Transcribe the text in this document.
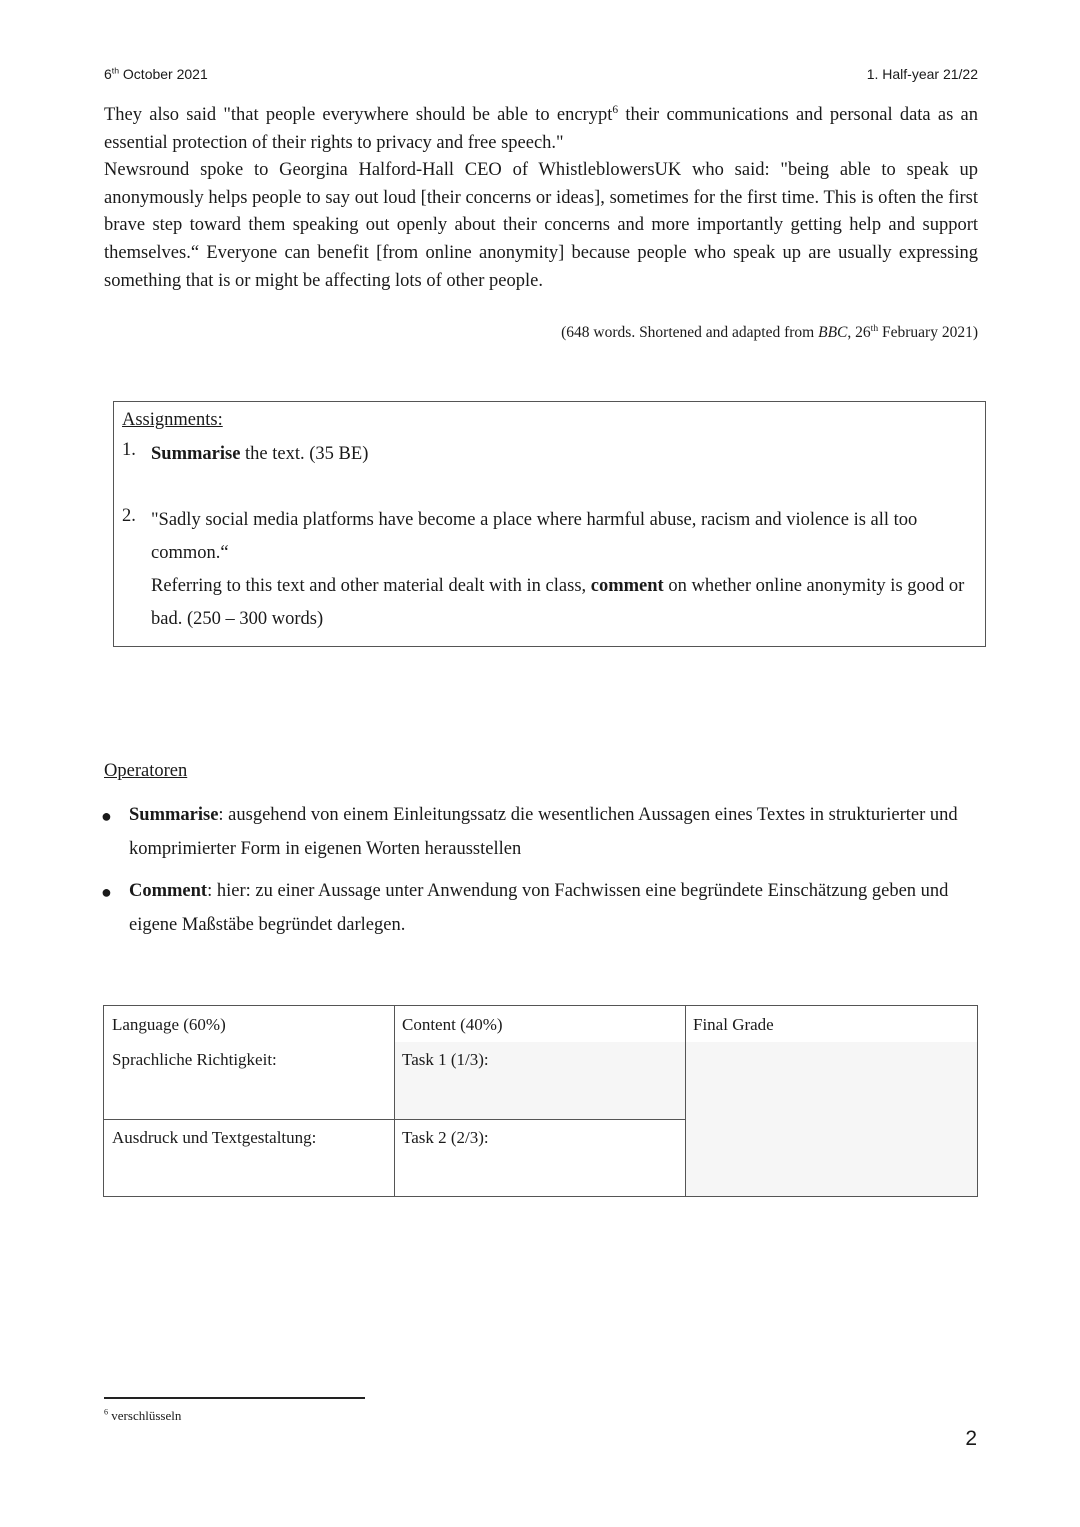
6th October 2021	1. Half-year 21/22

They also said "that people everywhere should be able to encrypt$^6$ their communications and personal data as an essential protection of their rights to privacy and free speech."

Newsround spoke to Georgina Halford-Hall CEO of WhistleblowersUK who said: "being able to speak up anonymously helps people to say out loud [their concerns or ideas], sometimes for the first time. This is often the first brave step toward them speaking out openly about their concerns and more importantly getting help and support themselves.“ Everyone can benefit [from online anonymity] because people who speak up are usually expressing something that is or might be affecting lots of other people.

(648 words. Shortened and adapted from BBC, 26th February 2021)
Assignments:
1. Summarise the text. (35 BE)
2. "Sadly social media platforms have become a place where harmful abuse, racism and violence is all too common.“
Referring to this text and other material dealt with in class, comment on whether online anonymity is good or bad. (250 – 300 words)
Operatoren
● Summarise: ausgehend von einem Einleitungssatz die wesentlichen Aussagen eines Textes in strukturierter und komprimierter Form in eigenen Worten herausstellen
● Comment: hier: zu einer Aussage unter Anwendung von Fachwissen eine begründete Einschätzung geben und eigene Maßstäbe begründet darlegen.
Language (60%)	Content (40%)	Final Grade
Sprachliche Richtigkeit:	Task 1 (1/3):
Ausdruck und Textgestaltung:	Task 2 (2/3):
$^6$ verschlüsseln
2
